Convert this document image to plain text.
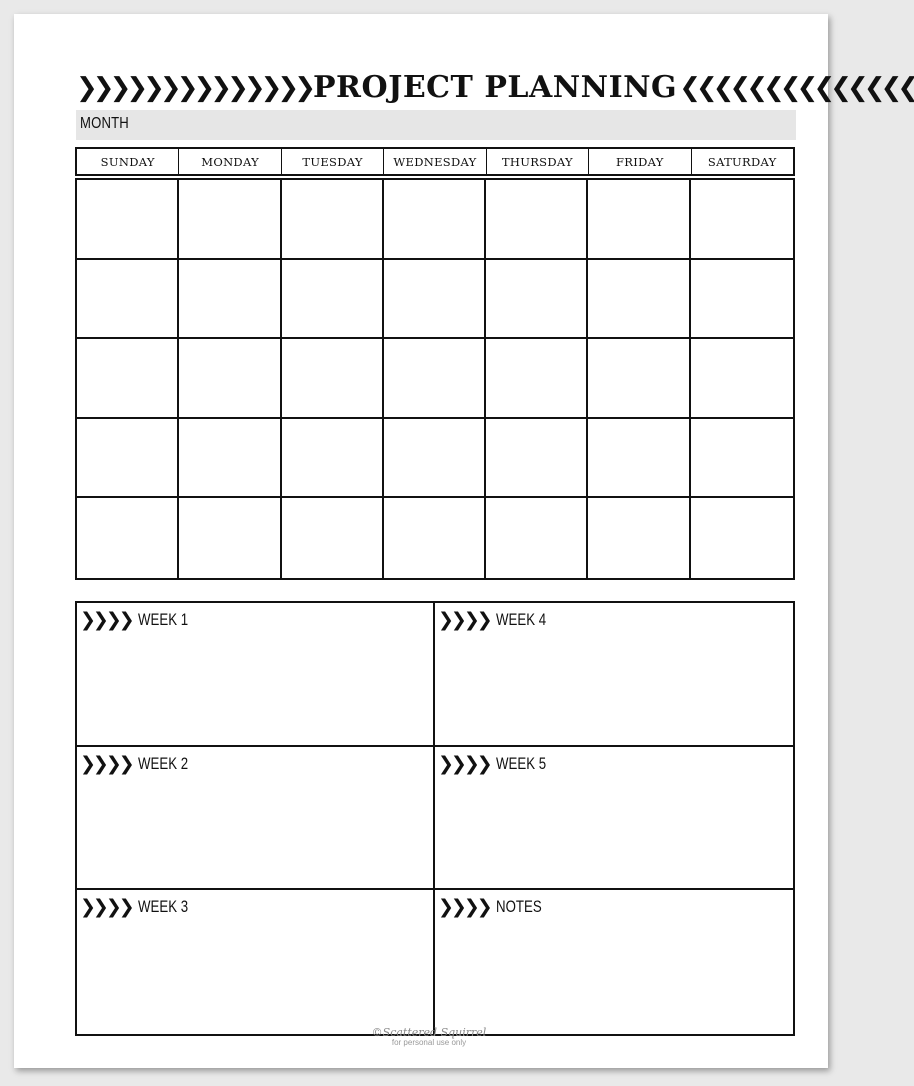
❯❯❯❯❯❯❯❯❯❯❯❯❯❯ PROJECT PLANNING ❮❮❮❮❮❮❮❮❮❮❮❮❮❮
MONTH
SUNDAY	MONDAY	TUESDAY	WEDNESDAY	THURSDAY	FRIDAY	SATURDAY
❯❯❯❯ WEEK 1	❯❯❯❯ WEEK 4
❯❯❯❯ WEEK 2	❯❯❯❯ WEEK 5
❯❯❯❯ WEEK 3	❯❯❯❯ NOTES
©Scattered Squirrel
for personal use only
